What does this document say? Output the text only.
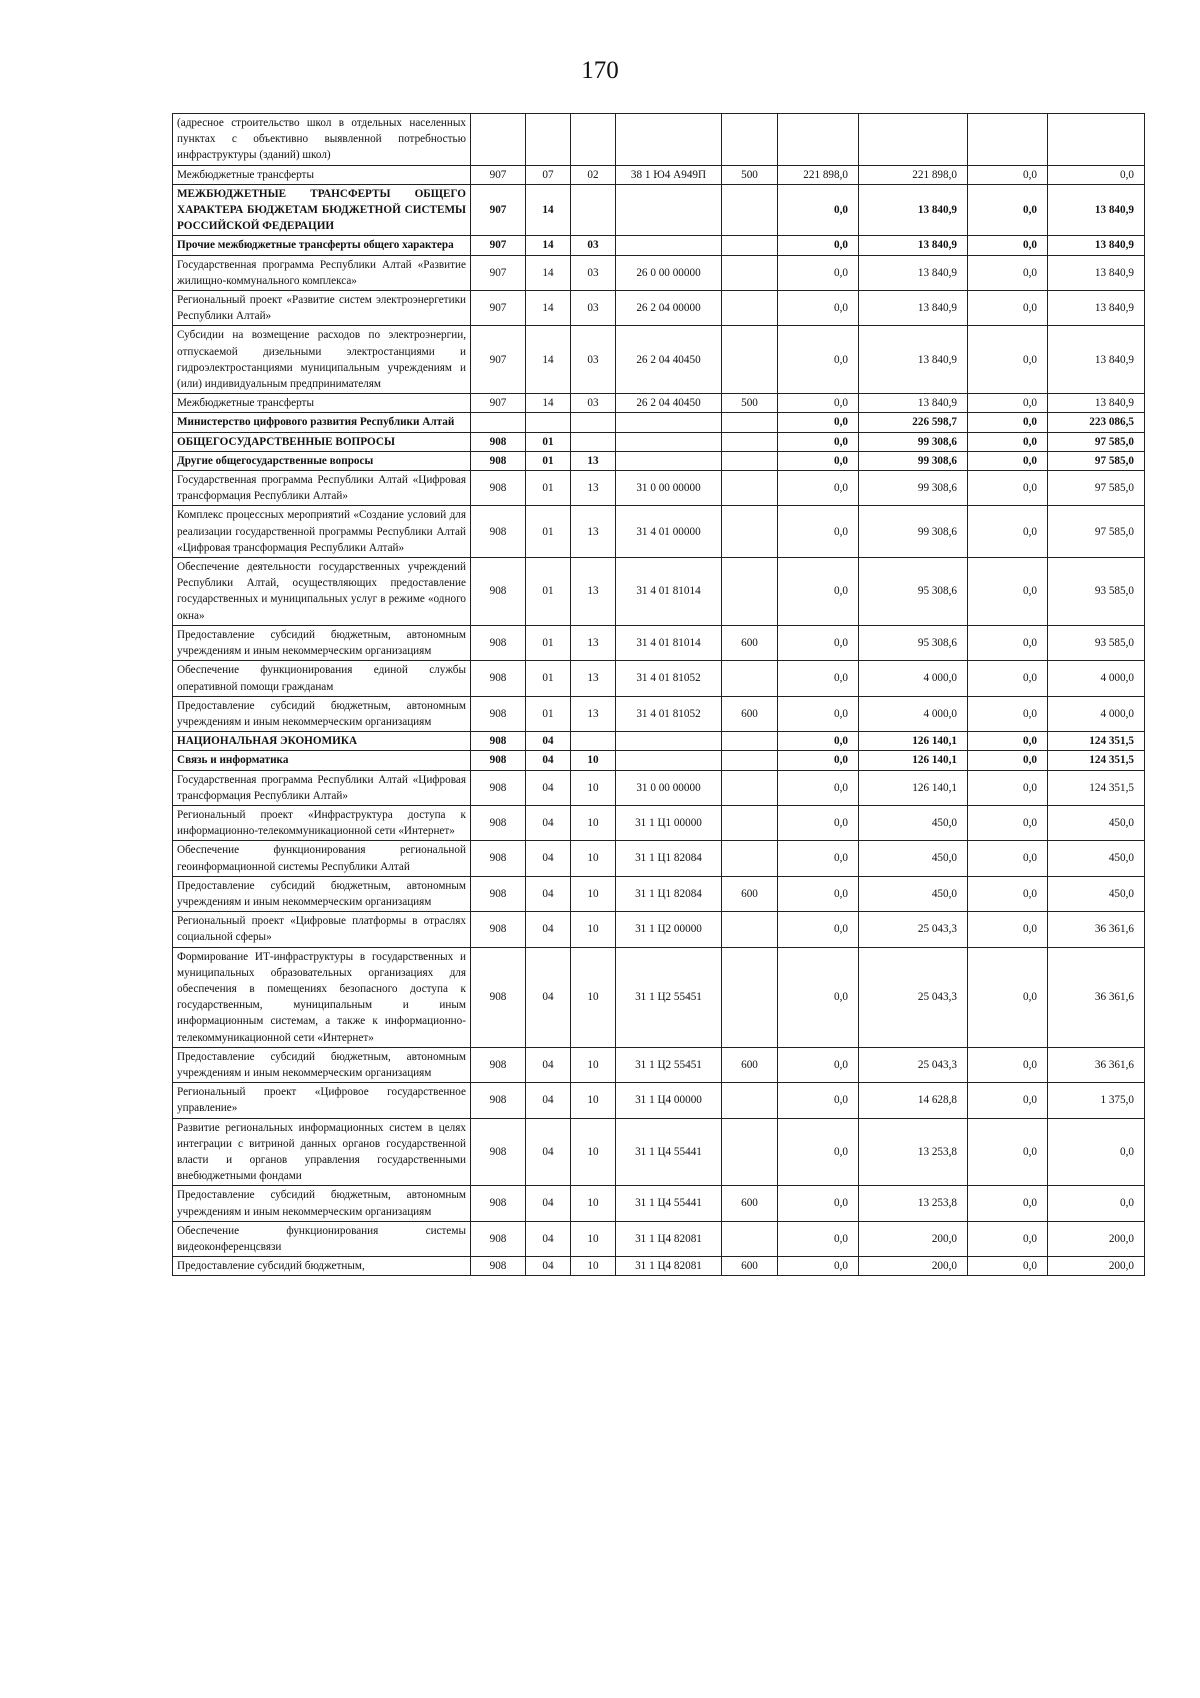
170
(адресное строительство школ в отдельных населенных пунктах с объективно выявленной потребностью инфраструктуры (зданий) школ)									
Межбюджетные трансферты	907	07	02	38 1 Ю4 А949П	500	221 898,0	221 898,0	0,0	0,0
МЕЖБЮДЖЕТНЫЕ ТРАНСФЕРТЫ ОБЩЕГО ХАРАКТЕРА БЮДЖЕТАМ БЮДЖЕТНОЙ СИСТЕМЫ РОССИЙСКОЙ ФЕДЕРАЦИИ	907	14				0,0	13 840,9	0,0	13 840,9
Прочие межбюджетные трансферты общего характера	907	14	03			0,0	13 840,9	0,0	13 840,9
Государственная программа Республики Алтай «Развитие жилищно-коммунального комплекса»	907	14	03	26 0 00 00000		0,0	13 840,9	0,0	13 840,9
Региональный проект «Развитие систем электроэнергетики Республики Алтай»	907	14	03	26 2 04 00000		0,0	13 840,9	0,0	13 840,9
Субсидии на возмещение расходов по электроэнергии, отпускаемой дизельными электростанциями и гидроэлектростанциями муниципальным учреждениям и (или) индивидуальным предпринимателям	907	14	03	26 2 04 40450		0,0	13 840,9	0,0	13 840,9
Межбюджетные трансферты	907	14	03	26 2 04 40450	500	0,0	13 840,9	0,0	13 840,9
Министерство цифрового развития Республики Алтай						0,0	226 598,7	0,0	223 086,5
ОБЩЕГОСУДАРСТВЕННЫЕ ВОПРОСЫ	908	01				0,0	99 308,6	0,0	97 585,0
Другие общегосударственные вопросы	908	01	13			0,0	99 308,6	0,0	97 585,0
Государственная программа Республики Алтай «Цифровая трансформация Республики Алтай»	908	01	13	31 0 00 00000		0,0	99 308,6	0,0	97 585,0
Комплекс процессных мероприятий «Создание условий для реализации государственной программы Республики Алтай «Цифровая трансформация Республики Алтай»	908	01	13	31 4 01 00000		0,0	99 308,6	0,0	97 585,0
Обеспечение деятельности государственных учреждений Республики Алтай, осуществляющих предоставление государственных и муниципальных услуг в режиме «одного окна»	908	01	13	31 4 01 81014		0,0	95 308,6	0,0	93 585,0
Предоставление субсидий бюджетным, автономным учреждениям и иным некоммерческим организациям	908	01	13	31 4 01 81014	600	0,0	95 308,6	0,0	93 585,0
Обеспечение функционирования единой службы оперативной помощи гражданам	908	01	13	31 4 01 81052		0,0	4 000,0	0,0	4 000,0
Предоставление субсидий бюджетным, автономным учреждениям и иным некоммерческим организациям	908	01	13	31 4 01 81052	600	0,0	4 000,0	0,0	4 000,0
НАЦИОНАЛЬНАЯ ЭКОНОМИКА	908	04				0,0	126 140,1	0,0	124 351,5
Связь и информатика	908	04	10			0,0	126 140,1	0,0	124 351,5
Государственная программа Республики Алтай «Цифровая трансформация Республики Алтай»	908	04	10	31 0 00 00000		0,0	126 140,1	0,0	124 351,5
Региональный проект «Инфраструктура доступа к информационно-телекоммуникационной сети «Интернет»	908	04	10	31 1 Ц1 00000		0,0	450,0	0,0	450,0
Обеспечение функционирования региональной геоинформационной системы Республики Алтай	908	04	10	31 1 Ц1 82084		0,0	450,0	0,0	450,0
Предоставление субсидий бюджетным, автономным учреждениям и иным некоммерческим организациям	908	04	10	31 1 Ц1 82084	600	0,0	450,0	0,0	450,0
Региональный проект «Цифровые платформы в отраслях социальной сферы»	908	04	10	31 1 Ц2 00000		0,0	25 043,3	0,0	36 361,6
Формирование ИТ-инфраструктуры в государственных и муниципальных образовательных организациях для обеспечения в помещениях безопасного доступа к государственным, муниципальным и иным информационным системам, а также к информационно-телекоммуникационной сети «Интернет»	908	04	10	31 1 Ц2 55451		0,0	25 043,3	0,0	36 361,6
Предоставление субсидий бюджетным, автономным учреждениям и иным некоммерческим организациям	908	04	10	31 1 Ц2 55451	600	0,0	25 043,3	0,0	36 361,6
Региональный проект «Цифровое государственное управление»	908	04	10	31 1 Ц4 00000		0,0	14 628,8	0,0	1 375,0
Развитие региональных информационных систем в целях интеграции с витриной данных органов государственной власти и органов управления государственными внебюджетными фондами	908	04	10	31 1 Ц4 55441		0,0	13 253,8	0,0	0,0
Предоставление субсидий бюджетным, автономным учреждениям и иным некоммерческим организациям	908	04	10	31 1 Ц4 55441	600	0,0	13 253,8	0,0	0,0
Обеспечение функционирования системы видеоконференцсвязи	908	04	10	31 1 Ц4 82081		0,0	200,0	0,0	200,0
Предоставление субсидий бюджетным,	908	04	10	31 1 Ц4 82081	600	0,0	200,0	0,0	200,0
